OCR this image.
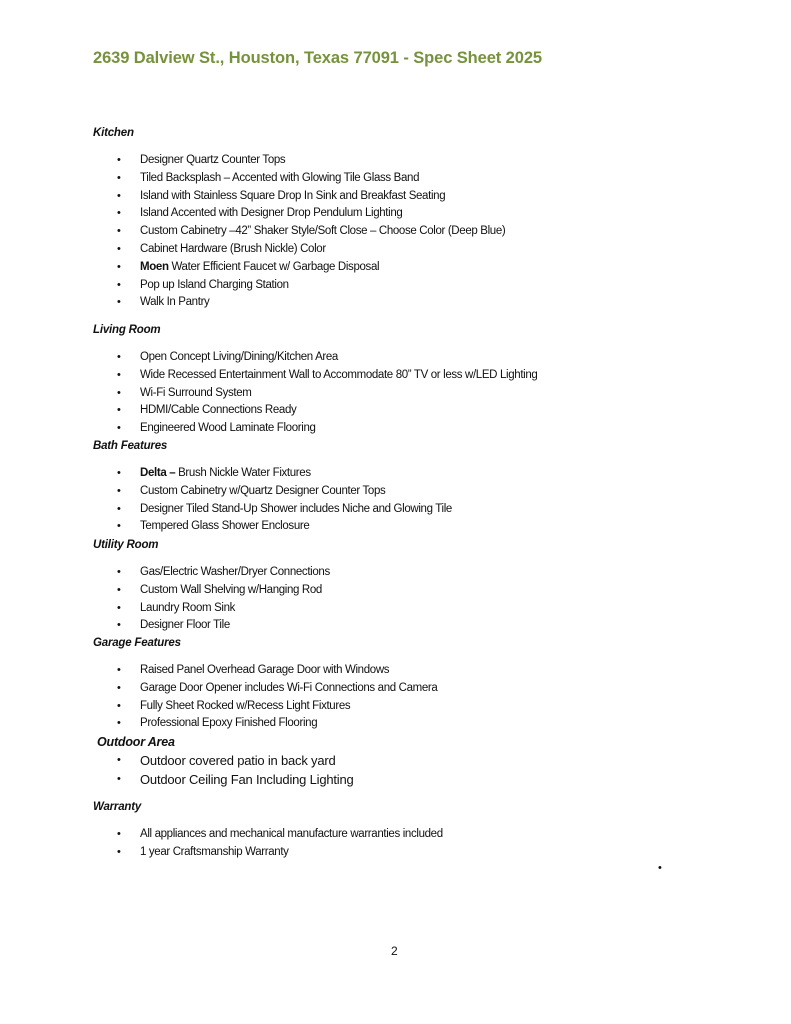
2639 Dalview St., Houston, Texas 77091 - Spec Sheet 2025
Kitchen
• Designer Quartz Counter Tops
• Tiled Backsplash – Accented with Glowing Tile Glass Band
• Island with Stainless Square Drop In Sink and Breakfast Seating
• Island Accented with Designer Drop Pendulum Lighting
• Custom Cabinetry –42” Shaker Style/Soft Close – Choose Color (Deep Blue)
• Cabinet Hardware (Brush Nickle) Color
• Moen Water Efficient Faucet w/ Garbage Disposal
• Pop up Island Charging Station
• Walk In Pantry
Living Room
• Open Concept Living/Dining/Kitchen Area
• Wide Recessed Entertainment Wall to Accommodate 80” TV or less w/LED Lighting
• Wi-Fi Surround System
• HDMI/Cable Connections Ready
• Engineered Wood Laminate Flooring
Bath Features
• Delta – Brush Nickle Water Fixtures
• Custom Cabinetry w/Quartz Designer Counter Tops
• Designer Tiled Stand-Up Shower includes Niche and Glowing Tile
• Tempered Glass Shower Enclosure
Utility Room
• Gas/Electric Washer/Dryer Connections
• Custom Wall Shelving w/Hanging Rod
• Laundry Room Sink
• Designer Floor Tile
Garage Features
• Raised Panel Overhead Garage Door with Windows
• Garage Door Opener includes Wi-Fi Connections and Camera
• Fully Sheet Rocked w/Recess Light Fixtures
• Professional Epoxy Finished Flooring
Outdoor Area
• Outdoor covered patio in back yard
• Outdoor Ceiling Fan Including Lighting
Warranty
• All appliances and mechanical manufacture warranties included
• 1 year Craftsmanship Warranty
•
2
